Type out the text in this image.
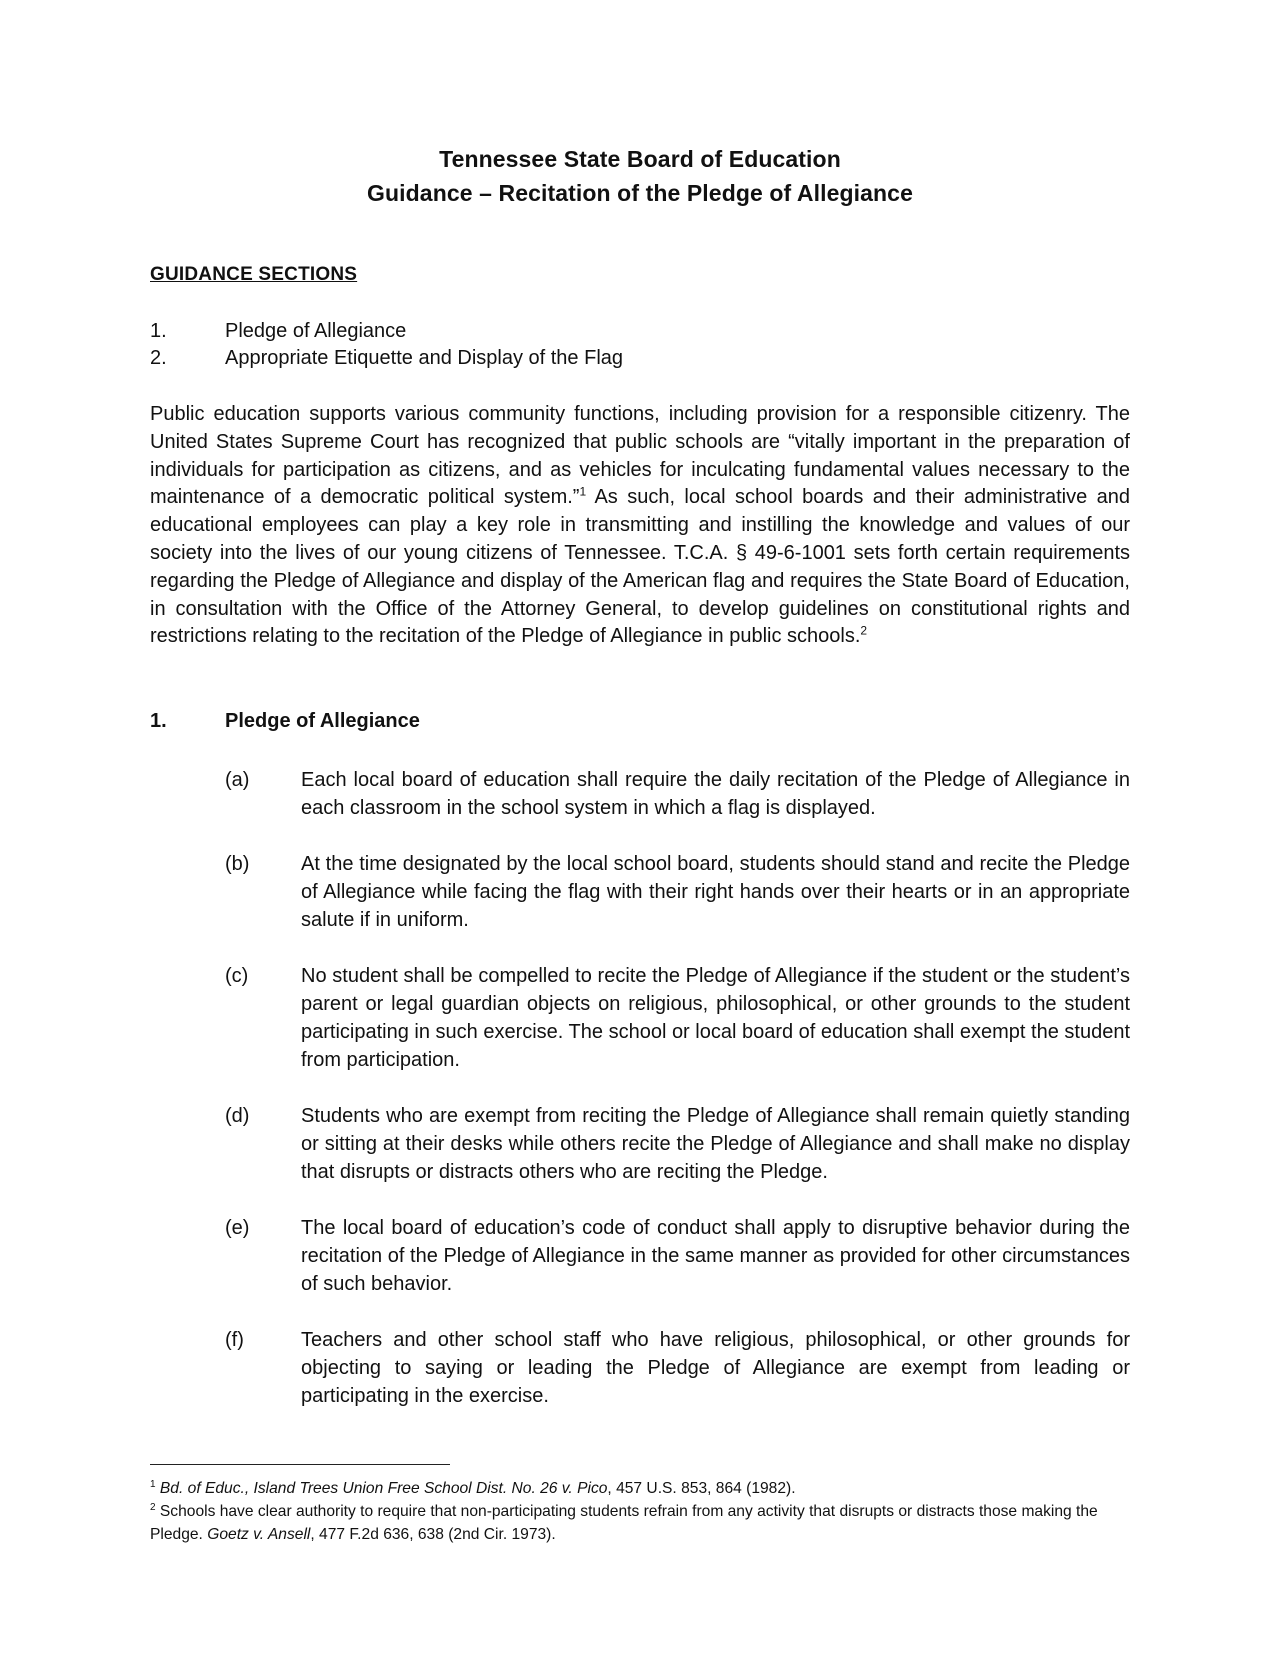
Tennessee State Board of Education
Guidance – Recitation of the Pledge of Allegiance
GUIDANCE SECTIONS
1.	Pledge of Allegiance
2.	Appropriate Etiquette and Display of the Flag

Public education supports various community functions, including provision for a responsible citizenry. The United States Supreme Court has recognized that public schools are “vitally important in the preparation of individuals for participation as citizens, and as vehicles for inculcating fundamental values necessary to the maintenance of a democratic political system.”$^1$ As such, local school boards and their administrative and educational employees can play a key role in transmitting and instilling the knowledge and values of our society into the lives of our young citizens of Tennessee. T.C.A. § 49-6-1001 sets forth certain requirements regarding the Pledge of Allegiance and display of the American flag and requires the State Board of Education, in consultation with the Office of the Attorney General, to develop guidelines on constitutional rights and restrictions relating to the recitation of the Pledge of Allegiance in public schools.$^2$

1.	Pledge of Allegiance
(a)	Each local board of education shall require the daily recitation of the Pledge of Allegiance in each classroom in the school system in which a flag is displayed.
(b)	At the time designated by the local school board, students should stand and recite the Pledge of Allegiance while facing the flag with their right hands over their hearts or in an appropriate salute if in uniform.
(c)	No student shall be compelled to recite the Pledge of Allegiance if the student or the student’s parent or legal guardian objects on religious, philosophical, or other grounds to the student participating in such exercise. The school or local board of education shall exempt the student from participation.
(d)	Students who are exempt from reciting the Pledge of Allegiance shall remain quietly standing or sitting at their desks while others recite the Pledge of Allegiance and shall make no display that disrupts or distracts others who are reciting the Pledge.
(e)	The local board of education’s code of conduct shall apply to disruptive behavior during the recitation of the Pledge of Allegiance in the same manner as provided for other circumstances of such behavior.
(f)	Teachers and other school staff who have religious, philosophical, or other grounds for objecting to saying or leading the Pledge of Allegiance are exempt from leading or participating in the exercise.
$^1$ Bd. of Educ., Island Trees Union Free School Dist. No. 26 v. Pico, 457 U.S. 853, 864 (1982).
$^2$ Schools have clear authority to require that non-participating students refrain from any activity that disrupts or distracts those making the Pledge. Goetz v. Ansell, 477 F.2d 636, 638 (2nd Cir. 1973).
